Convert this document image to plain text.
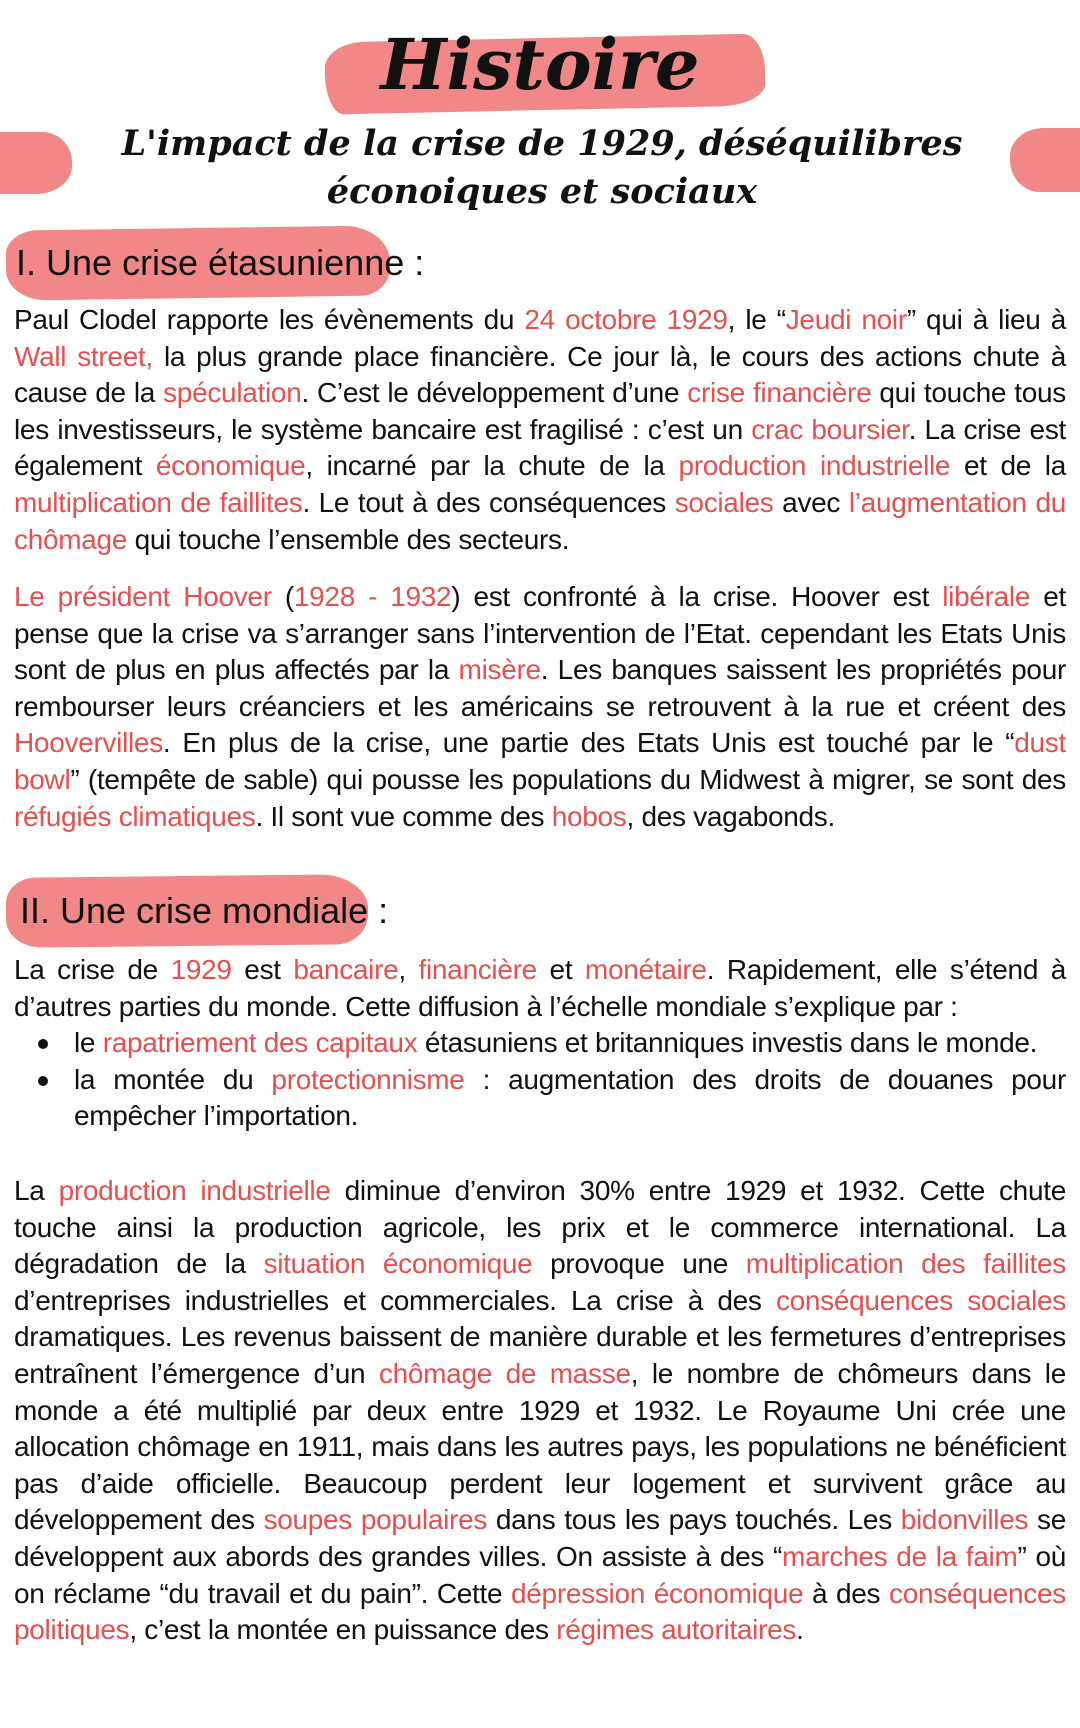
Histoire
L'impact de la crise de 1929, déséquilibres éconoiques et sociaux
I. Une crise étasunienne :
Paul Clodel rapporte les évènements du 24 octobre 1929, le “Jeudi noir” qui à lieu à Wall street, la plus grande place financière. Ce jour là, le cours des actions chute à cause de la spéculation. C’est le développement d’une crise financière qui touche tous les investisseurs, le système bancaire est fragilisé : c’est un crac boursier. La crise est également économique, incarné par la chute de la production industrielle et de la multiplication de faillites. Le tout à des conséquences sociales avec l’augmentation du chômage qui touche l’ensemble des secteurs.
Le président Hoover (1928 - 1932) est confronté à la crise. Hoover est libérale et pense que la crise va s’arranger sans l’intervention de l’Etat. cependant les Etats Unis sont de plus en plus affectés par la misère. Les banques saissent les propriétés pour rembourser leurs créanciers et les américains se retrouvent à la rue et créent des Hoovervilles. En plus de la crise, une partie des Etats Unis est touché par le “dust bowl” (tempête de sable) qui pousse les populations du Midwest à migrer, se sont des réfugiés climatiques. Il sont vue comme des hobos, des vagabonds.
II. Une crise mondiale :
La crise de 1929 est bancaire, financière et monétaire. Rapidement, elle s’étend à d’autres parties du monde. Cette diffusion à l’échelle mondiale s’explique par :
le rapatriement des capitaux étasuniens et britanniques investis dans le monde.
la montée du protectionnisme : augmentation des droits de douanes pour empêcher l’importation.
La production industrielle diminue d’environ 30% entre 1929 et 1932. Cette chute touche ainsi la production agricole, les prix et le commerce international. La dégradation de la situation économique provoque une multiplication des faillites d’entreprises industrielles et commerciales. La crise à des conséquences sociales dramatiques. Les revenus baissent de manière durable et les fermetures d’entreprises entraînent l’émergence d’un chômage de masse, le nombre de chômeurs dans le monde a été multiplié par deux entre 1929 et 1932. Le Royaume Uni crée une allocation chômage en 1911, mais dans les autres pays, les populations ne bénéficient pas d’aide officielle. Beaucoup perdent leur logement et survivent grâce au développement des soupes populaires dans tous les pays touchés. Les bidonvilles se développent aux abords des grandes villes. On assiste à des “marches de la faim” où on réclame “du travail et du pain”. Cette dépression économique à des conséquences politiques, c’est la montée en puissance des régimes autoritaires.
